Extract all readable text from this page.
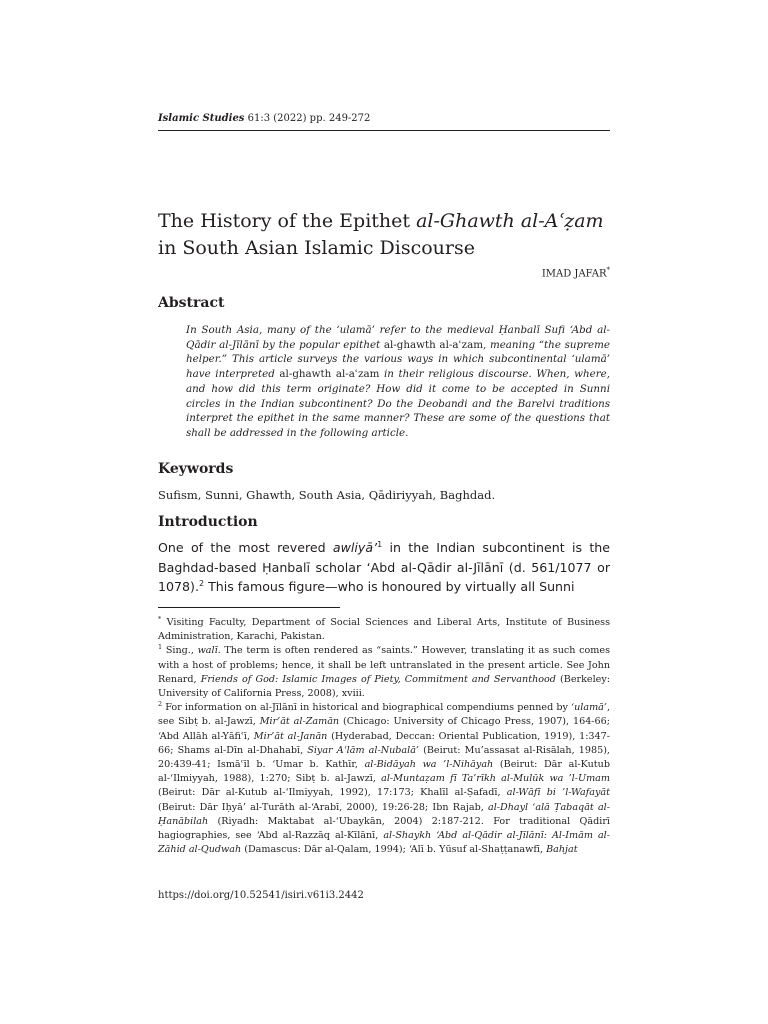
Islamic Studies 61:3 (2022) pp. 249-272
The History of the Epithet al-Ghawth al-Aʿẓam in South Asian Islamic Discourse
IMAD JAFAR*
Abstract

In South Asia, many of the ‘ulamā’ refer to the medieval Ḥanbalī Sufi ‘Abd al-Qādir al-Jīlānī by the popular epithet al-ghawth al-aʿzam, meaning “the supreme helper.” This article surveys the various ways in which subcontinental ‘ulamā’ have interpreted al-ghawth al-aʿzam in their religious discourse. When, where, and how did this term originate? How did it come to be accepted in Sunni circles in the Indian subcontinent? Do the Deobandi and the Barelvi traditions interpret the epithet in the same manner? These are some of the questions that shall be addressed in the following article.

Keywords

Sufism, Sunni, Ghawth, South Asia, Qādiriyyah, Baghdad.

Introduction

One of the most revered awliyā’$^1$ in the Indian subcontinent is the Baghdad-based Ḥanbalī scholar ‘Abd al-Qādir al-Jīlānī (d. 561/1077 or 1078).$^2$ This famous figure—who is honoured by virtually all Sunni

* Visiting Faculty, Department of Social Sciences and Liberal Arts, Institute of Business Administration, Karachi, Pakistan.

$^1$ Sing., walī. The term is often rendered as “saints.” However, translating it as such comes with a host of problems; hence, it shall be left untranslated in the present article. See John Renard, Friends of God: Islamic Images of Piety, Commitment and Servanthood (Berkeley: University of California Press, 2008), xviii.

$^2$ For information on al-Jīlānī in historical and biographical compendiums penned by ‘ulamā’, see Sibṭ b. al-Jawzī, Mir’āt al-Zamān (Chicago: University of Chicago Press, 1907), 164-66; ‘Abd Allāh al-Yāfiʿī, Mir’āt al-Janān (Hyderabad, Deccan: Oriental Publication, 1919), 1:347-66; Shams al-Dīn al-Dhahabī, Siyar Aʿlām al-Nubalā’ (Beirut: Mu’assasat al-Risālah, 1985), 20:439-41; Ismāʿīl b. ‘Umar b. Kathīr, al-Bidāyah wa ’l-Nihāyah (Beirut: Dār al-Kutub al-‘Ilmiyyah, 1988), 1:270; Sibṭ b. al-Jawzī, al-Muntaẓam fī Ta’rīkh al-Mulūk wa ’l-Umam (Beirut: Dār al-Kutub al-‘Ilmiyyah, 1992), 17:173; Khalīl al-Ṣafadī, al-Wāfī bi ’l-Wafayāt (Beirut: Dār Iḥyā’ al-Turāth al-‘Arabī, 2000), 19:26-28; Ibn Rajab, al-Dhayl ‘alā Ṭabaqāt al-Ḥanābilah (Riyadh: Maktabat al-‘Ubaykān, 2004) 2:187-212. For traditional Qādirī hagiographies, see ‘Abd al-Razzāq al-Kīlānī, al-Shaykh ‘Abd al-Qādir al-Jīlānī: Al-Imām al-Zāhid al-Qudwah (Damascus: Dār al-Qalam, 1994); ‘Alī b. Yūsuf al-Shaṭṭanawfī, Bahjat

https://doi.org/10.52541/isiri.v61i3.2442
